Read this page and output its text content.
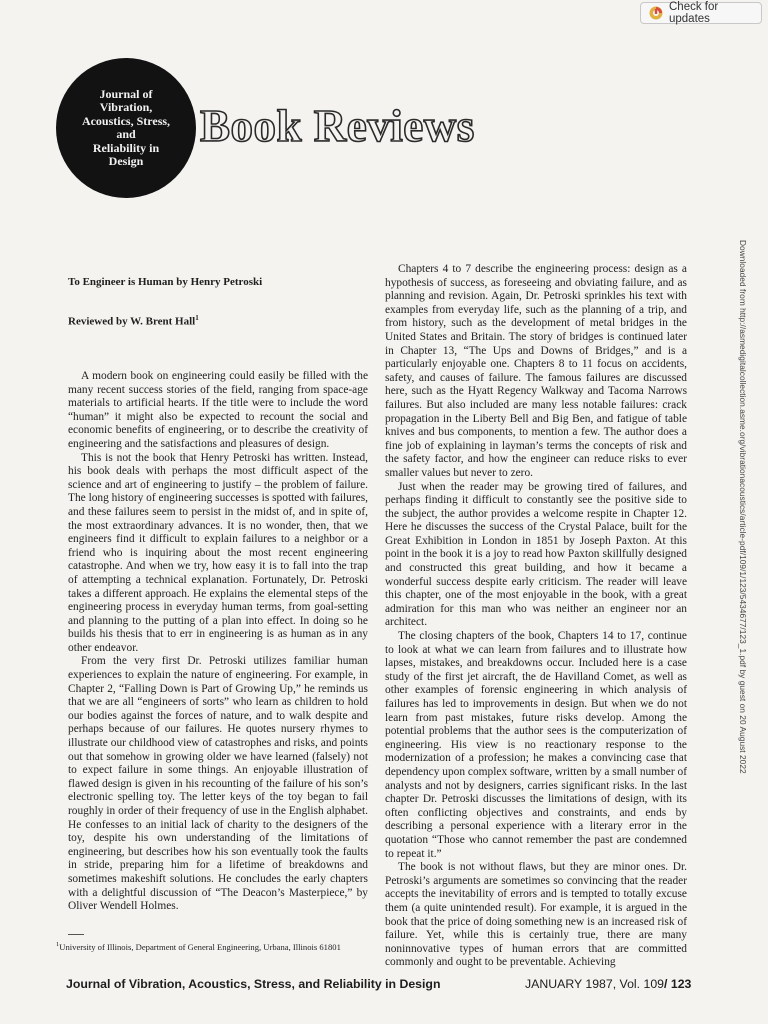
Check for updates
Journal of
Vibration,
Acoustics, Stress,
and
Reliability in
Design
Book Reviews
Downloaded from http://asmedigitalcollection.asme.org/vibrationacoustics/article-pdf/109/1/123/5434677/123_1.pdf by guest on 20 August 2022
To Engineer is Human by Henry Petroski
Reviewed by W. Brent Hall$^1$

A modern book on engineering could easily be filled with the many recent success stories of the field, ranging from space-age materials to artificial hearts. If the title were to include the word “human” it might also be expected to recount the social and economic benefits of engineering, or to describe the creativity of engineering and the satisfactions and pleasures of design.

This is not the book that Henry Petroski has written. Instead, his book deals with perhaps the most difficult aspect of the science and art of engineering to justify – the problem of failure. The long history of engineering successes is spotted with failures, and these failures seem to persist in the midst of, and in spite of, the most extraordinary advances. It is no wonder, then, that we engineers find it difficult to explain failures to a neighbor or a friend who is inquiring about the most recent engineering catastrophe. And when we try, how easy it is to fall into the trap of attempting a technical explanation. Fortunately, Dr. Petroski takes a different approach. He explains the elemental steps of the engineering process in everyday human terms, from goal-setting and planning to the putting of a plan into effect. In doing so he builds his thesis that to err in engineering is as human as in any other endeavor.

From the very first Dr. Petroski utilizes familiar human experiences to explain the nature of engineering. For example, in Chapter 2, “Falling Down is Part of Growing Up,” he reminds us that we are all “engineers of sorts” who learn as children to hold our bodies against the forces of nature, and to walk despite and perhaps because of our failures. He quotes nursery rhymes to illustrate our childhood view of catastrophes and risks, and points out that somehow in growing older we have learned (falsely) not to expect failure in some things. An enjoyable illustration of flawed design is given in his recounting of the failure of his son’s electronic spelling toy. The letter keys of the toy began to fail roughly in order of their frequency of use in the English alphabet. He confesses to an initial lack of charity to the designers of the toy, despite his own understanding of the limitations of engineering, but describes how his son eventually took the faults in stride, preparing him for a lifetime of breakdowns and sometimes makeshift solutions. He concludes the early chapters with a delightful discussion of “The Deacon’s Masterpiece,” by Oliver Wendell Holmes.

Chapters 4 to 7 describe the engineering process: design as a hypothesis of success, as foreseeing and obviating failure, and as planning and revision. Again, Dr. Petroski sprinkles his text with examples from everyday life, such as the planning of a trip, and from history, such as the development of metal bridges in the United States and Britain. The story of bridges is continued later in Chapter 13, “The Ups and Downs of Bridges,” and is a particularly enjoyable one. Chapters 8 to 11 focus on accidents, safety, and causes of failure. The famous failures are discussed here, such as the Hyatt Regency Walkway and Tacoma Narrows failures. But also included are many less notable failures: crack propagation in the Liberty Bell and Big Ben, and fatigue of table knives and bus components, to mention a few. The author does a fine job of explaining in layman’s terms the concepts of risk and the safety factor, and how the engineer can reduce risks to ever smaller values but never to zero.

Just when the reader may be growing tired of failures, and perhaps finding it difficult to constantly see the positive side to the subject, the author provides a welcome respite in Chapter 12. Here he discusses the success of the Crystal Palace, built for the Great Exhibition in London in 1851 by Joseph Paxton. At this point in the book it is a joy to read how Paxton skillfully designed and constructed this great building, and how it became a wonderful success despite early criticism. The reader will leave this chapter, one of the most enjoyable in the book, with a great admiration for this man who was neither an engineer nor an architect.

The closing chapters of the book, Chapters 14 to 17, continue to look at what we can learn from failures and to illustrate how lapses, mistakes, and breakdowns occur. Included here is a case study of the first jet aircraft, the de Havilland Comet, as well as other examples of forensic engineering in which analysis of failures has led to improvements in design. But when we do not learn from past mistakes, future risks develop. Among the potential problems that the author sees is the computerization of engineering. His view is no reactionary response to the modernization of a profession; he makes a convincing case that dependency upon complex software, written by a small number of analysts and not by designers, carries significant risks. In the last chapter Dr. Petroski discusses the limitations of design, with its often conflicting objectives and constraints, and ends by describing a personal experience with a literary error in the quotation “Those who cannot remember the past are condemned to repeat it.”

The book is not without flaws, but they are minor ones. Dr. Petroski’s arguments are sometimes so convincing that the reader accepts the inevitability of errors and is tempted to totally excuse them (a quite unintended result). For example, it is argued in the book that the price of doing something new is an increased risk of failure. Yet, while this is certainly true, there are many noninnovative types of human errors that are committed commonly and ought to be preventable. Achieving

$^1$University of Illinois, Department of General Engineering, Urbana, Illinois 61801
Journal of Vibration, Acoustics, Stress, and Reliability in Design	JANUARY 1987, Vol. 109/ 123
